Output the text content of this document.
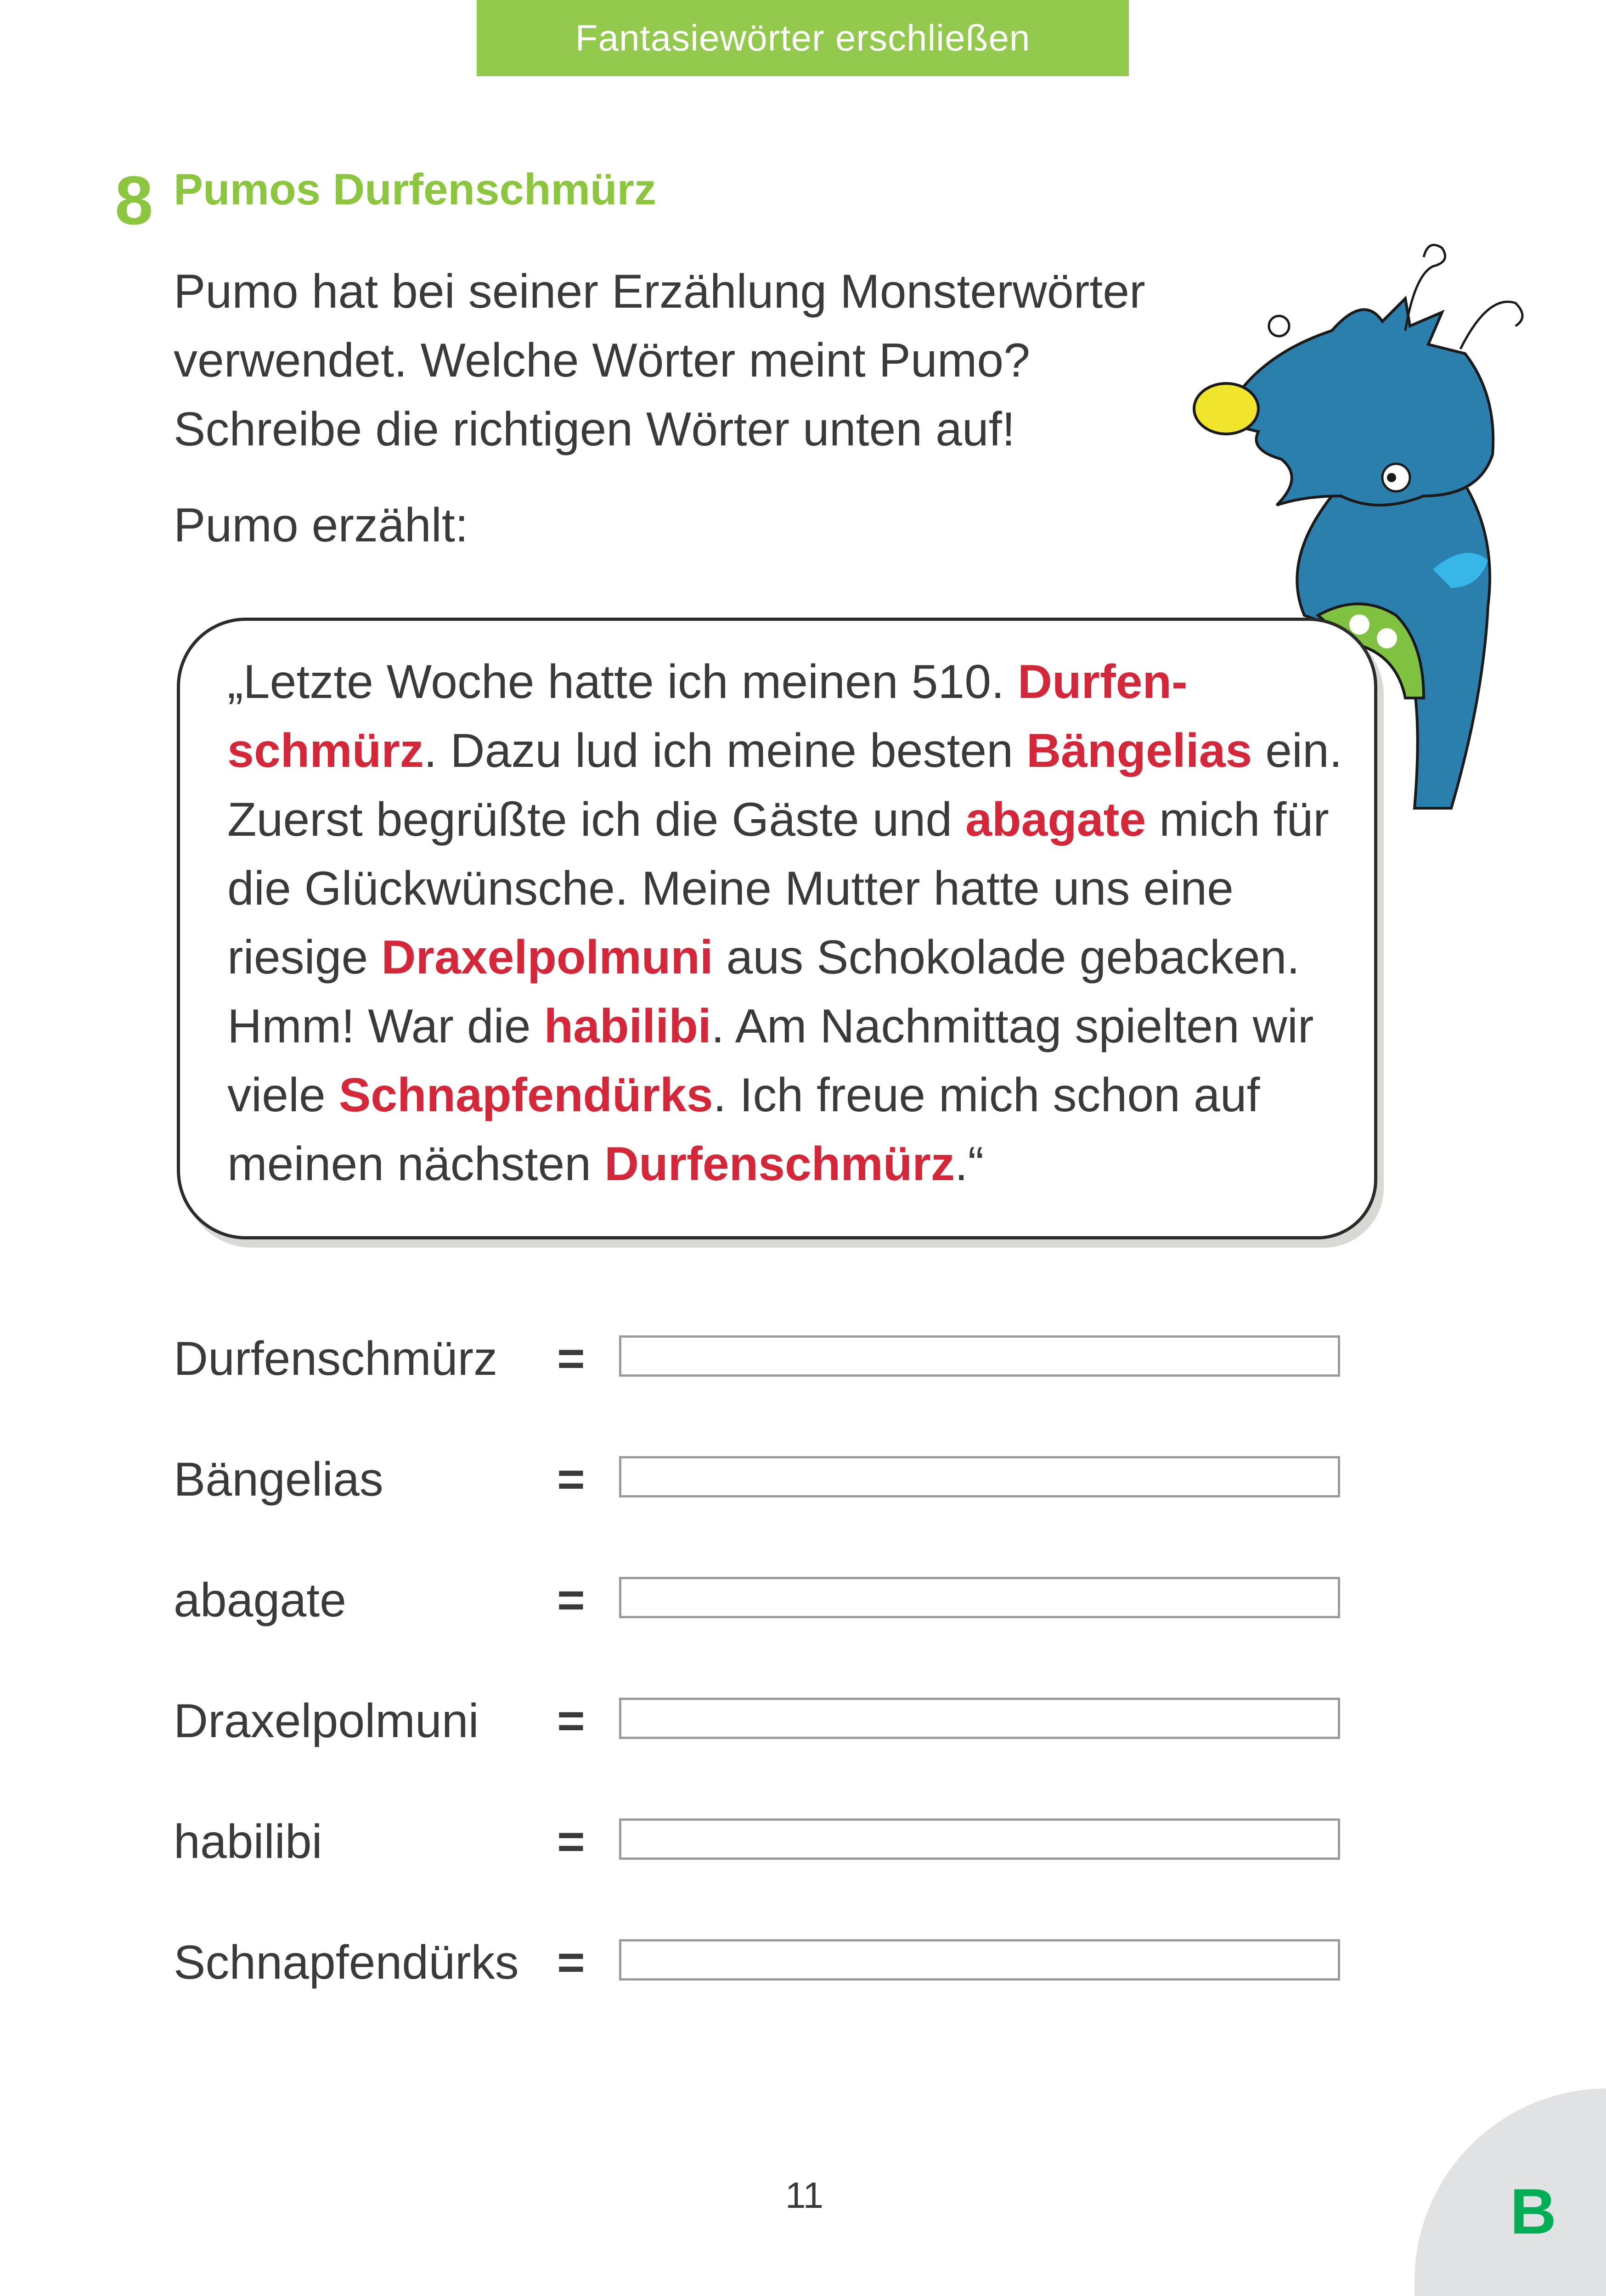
Fantasiewörter erschließen
8 Pumos Durfenschmürz

Pumo hat bei seiner Erzählung Monsterwörter

verwendet. Welche Wörter meint Pumo?

Schreibe die richtigen Wörter unten auf!

Pumo erzählt:
„Letzte Woche hatte ich meinen 510. Durfen-
schmürz. Dazu lud ich meine besten Bängelias ein. Zuerst begrüßte ich die Gäste und abagate mich für die Glückwünsche. Meine Mutter hatte uns eine riesige Draxelpolmuni aus Schokolade gebacken. Hmm! War die habilibi. Am Nachmittag spielten wir viele Schnapfendürks. Ich freue mich schon auf meinen nächsten Durfenschmürz.“
Durfenschmürz =
Bängelias	=
abagate	=
Draxelpolmuni =
habilibi	=
Schnapfendürks =
11	B
